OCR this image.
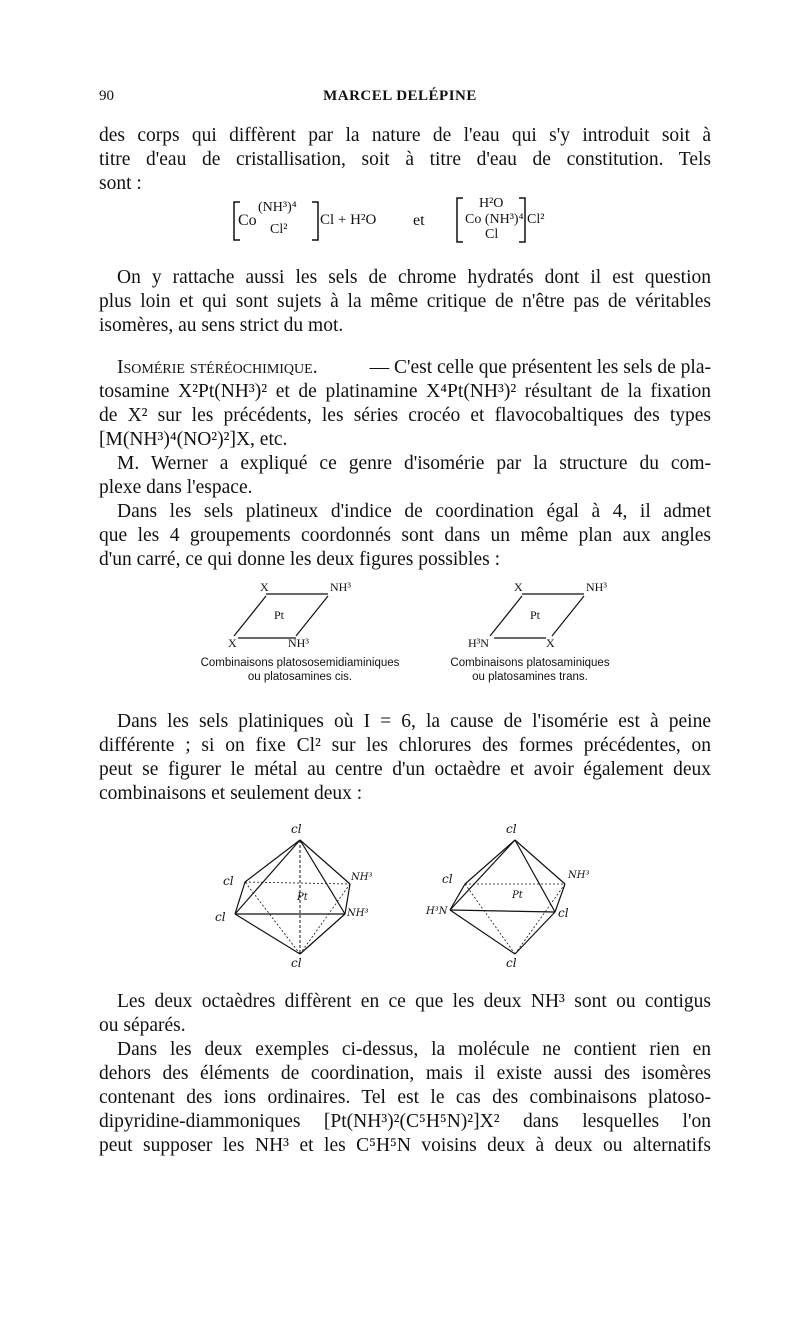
90	MARCEL DELÉPINE
des corps qui diffèrent par la nature de l'eau qui s'y introduit soit à
titre d'eau de cristallisation, soit à titre d'eau de constitution. Tels
sont :
Co
(NH³)⁴
Cl²
Cl + H²O et
H²O
Co (NH³)⁴
Cl
Cl²
On y rattache aussi les sels de chrome hydratés dont il est question
plus loin et qui sont sujets à la même critique de n'être pas de véritables
isomères, au sens strict du mot.
Isomérie stéréochimique.	— C'est celle que présentent les sels de pla-
tosamine X²Pt(NH³)² et de platinamine X⁴Pt(NH³)² résultant de la fixation
de X² sur les précédents, les séries crocéo et flavocobaltiques des types
[M(NH³)⁴(NO²)²]X, etc.
M. Werner a expliqué ce genre d'isomérie par la structure du com-
plexe dans l'espace.
Dans les sels platineux d'indice de coordination égal à 4, il admet
que les 4 groupements coordonnés sont dans un même plan aux angles
d'un carré, ce qui donne les deux figures possibles :
X	NH³
Pt
X	NH³
Combinaisons platososemidiaminiques
ou platosamines cis.
X	NH³
Pt
H³N	X
Combinaisons platosaminiques
ou platosamines trans.
Dans les sels platiniques où I = 6, la cause de l'isomérie est à peine
différente ; si on fixe Cl² sur les chlorures des formes précédentes, on
peut se figurer le métal au centre d'un octaèdre et avoir également deux
combinaisons et seulement deux :
cl
cl	NH³
Pt
cl	NH³
cl
cl
cl	NH³
Pt
H³N	cl
cl
Les deux octaèdres diffèrent en ce que les deux NH³ sont ou contigus
ou séparés.
Dans les deux exemples ci-dessus, la molécule ne contient rien en
dehors des éléments de coordination, mais il existe aussi des isomères
contenant des ions ordinaires. Tel est le cas des combinaisons platoso-
dipyridine-diammoniques [Pt(NH³)²(C⁵H⁵N)²]X² dans lesquelles l'on
peut supposer les NH³ et les C⁵H⁵N voisins deux à deux ou alternatifs
